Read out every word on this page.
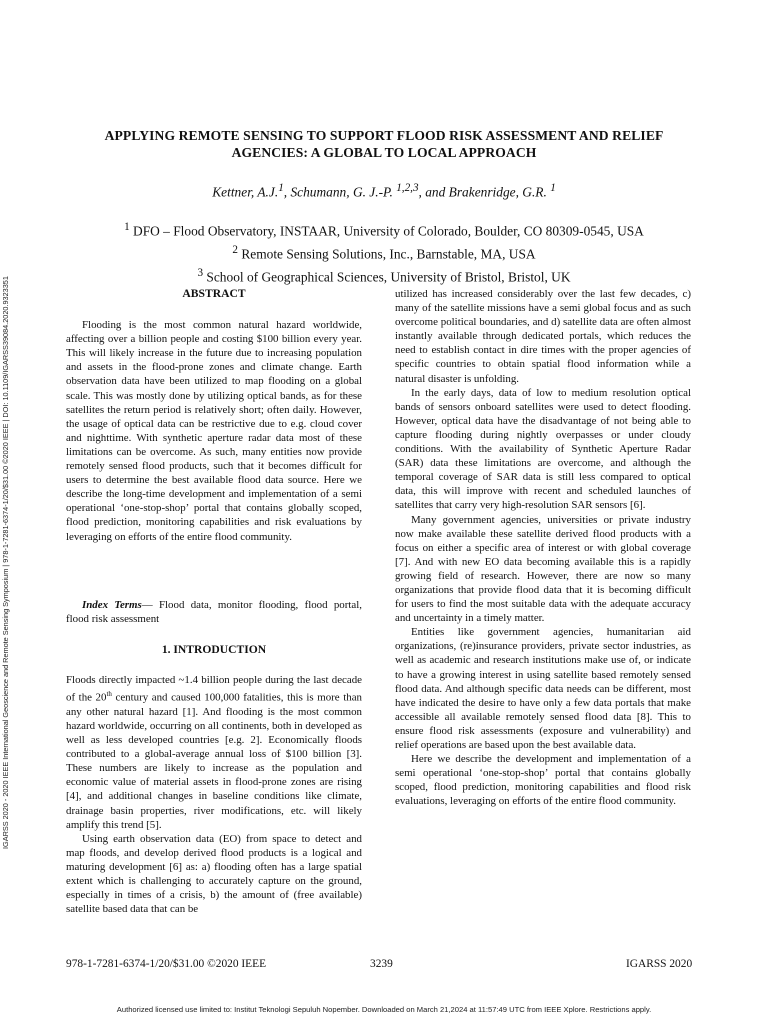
IGARSS 2020 - 2020 IEEE International Geoscience and Remote Sensing Symposium | 978-1-7281-6374-1/20/$31.00 ©2020 IEEE | DOI: 10.1109/IGARSS39084.2020.9323351
APPLYING REMOTE SENSING TO SUPPORT FLOOD RISK ASSESSMENT AND RELIEF
AGENCIES: A GLOBAL TO LOCAL APPROACH
Kettner, A.J.$^1$, Schumann, G. J.-P. $^{1,2,3}$, and Brakenridge, G.R. $^1$
$^1$ DFO – Flood Observatory, INSTAAR, University of Colorado, Boulder, CO 80309-0545, USA
$^2$ Remote Sensing Solutions, Inc., Barnstable, MA, USA
$^3$ School of Geographical Sciences, University of Bristol, Bristol, UK
ABSTRACT

Flooding is the most common natural hazard worldwide, affecting over a billion people and costing $100 billion every year. This will likely increase in the future due to increasing population and assets in the flood-prone zones and climate change. Earth observation data have been utilized to map flooding on a global scale. This was mostly done by utilizing optical bands, as for these satellites the return period is relatively short; often daily. However, the usage of optical data can be restrictive due to e.g. cloud cover and nighttime. With synthetic aperture radar data most of these limitations can be overcome. As such, many entities now provide remotely sensed flood products, such that it becomes difficult for users to determine the best available flood data source. Here we describe the long-time development and implementation of a semi operational ‘one-stop-shop’ portal that contains globally scoped, flood prediction, monitoring capabilities and risk evaluations by leveraging on efforts of the entire flood community.

Index Terms— Flood data, monitor flooding, flood portal, flood risk assessment
1. INTRODUCTION

Floods directly impacted ~1.4 billion people during the last decade of the 20th century and caused 100,000 fatalities, this is more than any other natural hazard [1]. And flooding is the most common hazard worldwide, occurring on all continents, both in developed as well as less developed countries [e.g. 2]. Economically floods contributed to a global-average annual loss of $100 billion [3]. These numbers are likely to increase as the population and economic value of material assets in flood-prone zones are rising [4], and additional changes in baseline conditions like climate, drainage basin properties, river modifications, etc. will likely amplify this trend [5].

Using earth observation data (EO) from space to detect and map floods, and develop derived flood products is a logical and maturing development [6] as: a) flooding often has a large spatial extent which is challenging to accurately capture on the ground, especially in times of a crisis, b) the amount of (free available) satellite based data that can be

utilized has increased considerably over the last few decades, c) many of the satellite missions have a semi global focus and as such overcome political boundaries, and d) satellite data are often almost instantly available through dedicated portals, which reduces the need to establish contact in dire times with the proper agencies of specific countries to obtain spatial flood information while a natural disaster is unfolding.

In the early days, data of low to medium resolution optical bands of sensors onboard satellites were used to detect flooding. However, optical data have the disadvantage of not being able to capture flooding during nightly overpasses or under cloudy conditions. With the availability of Synthetic Aperture Radar (SAR) data these limitations are overcome, and although the temporal coverage of SAR data is still less compared to optical data, this will improve with recent and scheduled launches of satellites that carry very high-resolution SAR sensors [6].

Many government agencies, universities or private industry now make available these satellite derived flood products with a focus on either a specific area of interest or with global coverage [7]. And with new EO data becoming available this is a rapidly growing field of research. However, there are now so many organizations that provide flood data that it is becoming difficult for users to find the most suitable data with the adequate accuracy and uncertainty in a timely matter.

Entities like government agencies, humanitarian aid organizations, (re)insurance providers, private sector industries, as well as academic and research institutions make use of, or indicate to have a growing interest in using satellite based remotely sensed flood data. And although specific data needs can be different, most have indicated the desire to have only a few data portals that make accessible all available remotely sensed flood data [8]. This to ensure flood risk assessments (exposure and vulnerability) and relief operations are based upon the best available data.

Here we describe the development and implementation of a semi operational ‘one-stop-shop’ portal that contains globally scoped, flood prediction, monitoring capabilities and flood risk evaluations, leveraging on efforts of the entire flood community.

978-1-7281-6374-1/20/$31.00 ©2020 IEEE	3239	IGARSS 2020
Authorized licensed use limited to: Institut Teknologi Sepuluh Nopember. Downloaded on March 21,2024 at 11:57:49 UTC from IEEE Xplore. Restrictions apply.
